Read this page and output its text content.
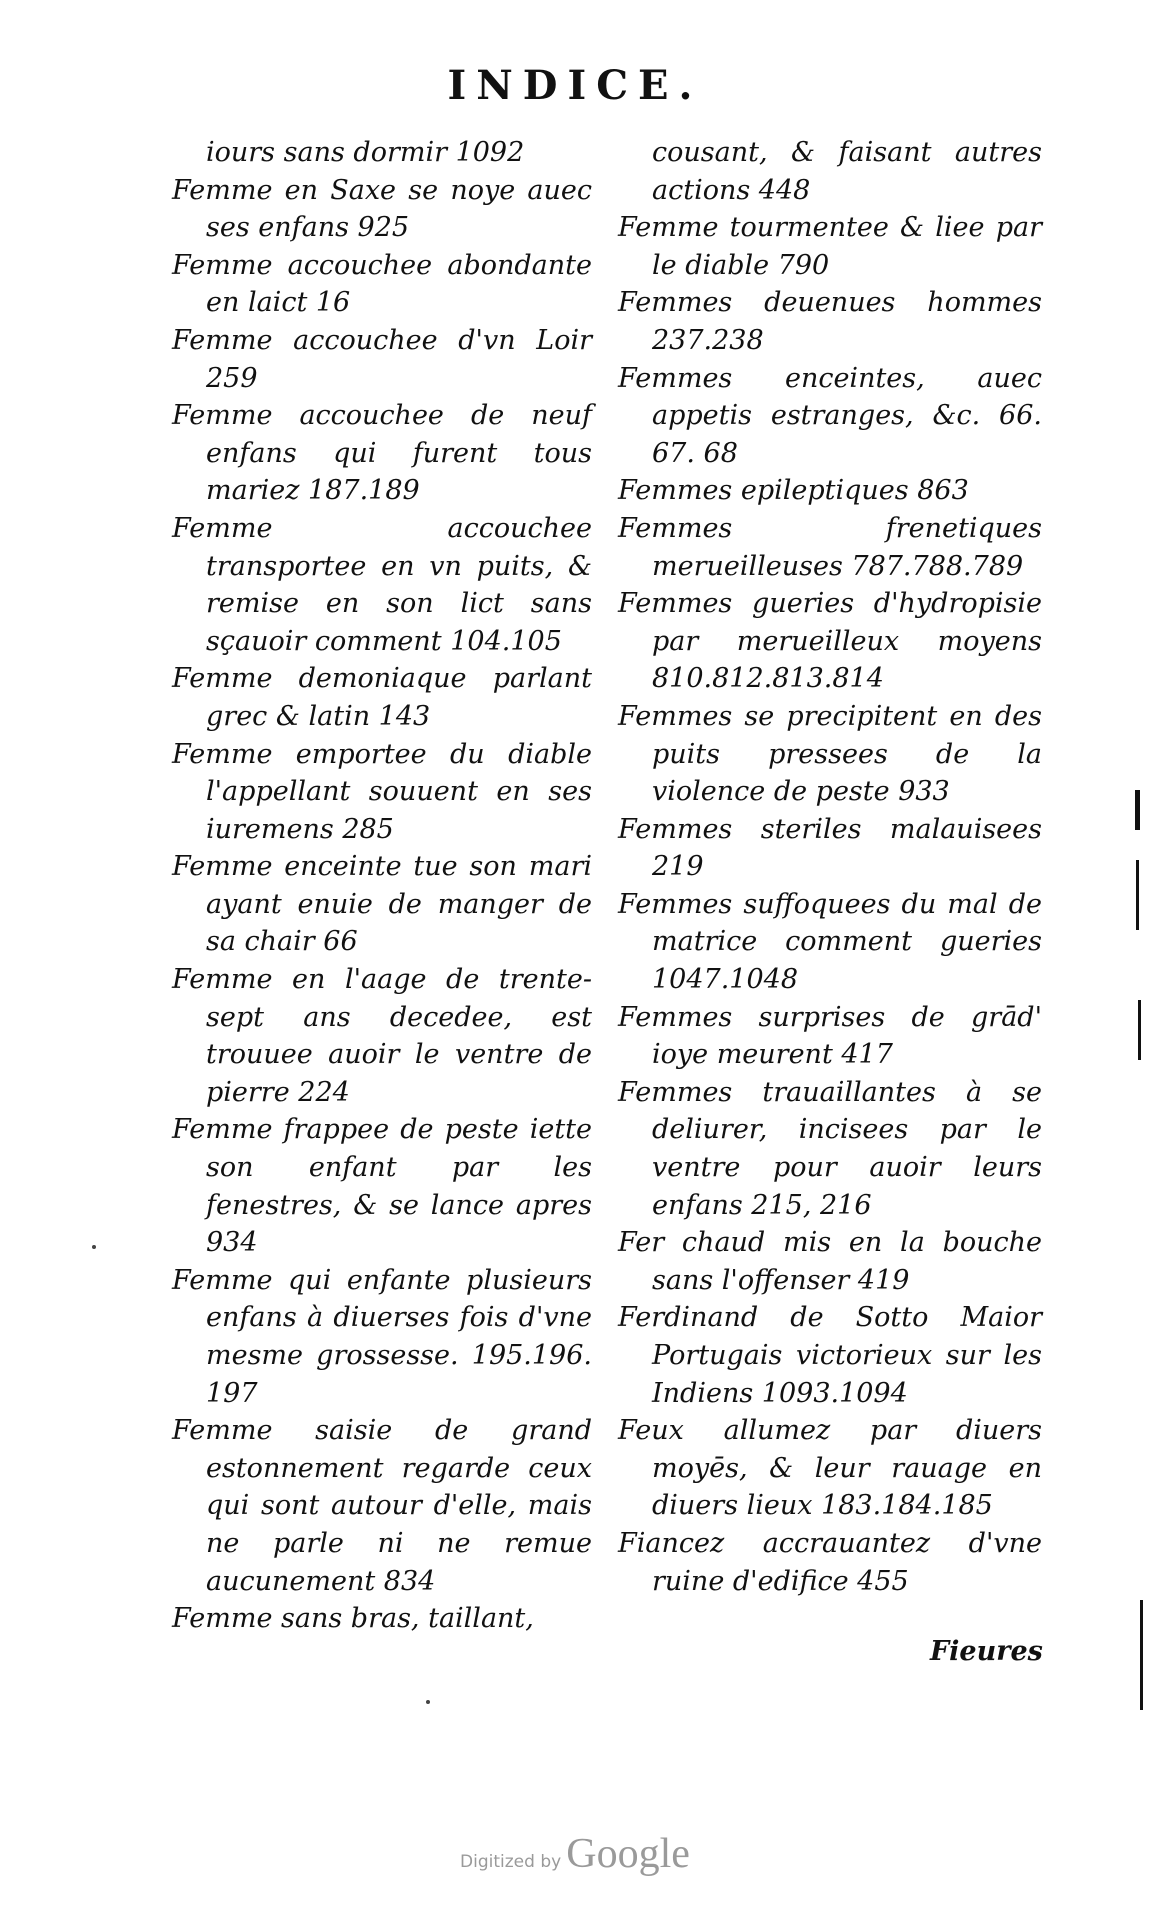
INDICE.

iours sans dormir 1092

Femme en Saxe se noye auec ses enfans 925

Femme accouchee abondante en laict 16

Femme accouchee d'vn Loir 259

Femme accouchee de neuf enfans qui furent tous mariez 187.189

Femme accouchee transportee en vn puits, & remise en son lict sans sçauoir comment 104.105

Femme demoniaque parlant grec & latin 143

Femme emportee du diable l'appellant souuent en ses iuremens 285

Femme enceinte tue son mari ayant enuie de manger de sa chair 66

Femme en l'aage de trente-sept ans decedee, est trouuee auoir le ventre de pierre 224

Femme frappee de peste iette son enfant par les fenestres, & se lance apres 934

Femme qui enfante plusieurs enfans à diuerses fois d'vne mesme grossesse. 195.196. 197

Femme saisie de grand estonnement regarde ceux qui sont autour d'elle, mais ne parle ni ne remue aucunement 834

Femme sans bras, taillant,

cousant, & faisant autres actions 448

Femme tourmentee & liee par le diable 790

Femmes deuenues hommes 237.238

Femmes enceintes, auec appetis estranges, &c. 66. 67. 68

Femmes epileptiques 863

Femmes frenetiques merueilleuses 787.788.789

Femmes gueries d'hydropisie par merueilleux moyens 810.812.813.814

Femmes se precipitent en des puits pressees de la violence de peste 933

Femmes steriles malauisees 219

Femmes suffoquees du mal de matrice comment gueries 1047.1048

Femmes surprises de grād' ioye meurent 417

Femmes trauaillantes à se deliurer, incisees par le ventre pour auoir leurs enfans 215, 216

Fer chaud mis en la bouche sans l'offenser 419

Ferdinand de Sotto Maior Portugais victorieux sur les Indiens 1093.1094

Feux allumez par diuers moyēs, & leur rauage en diuers lieux 183.184.185

Fiancez accrauantez d'vne ruine d'edifice 455

Fieures
Digitized by Google
